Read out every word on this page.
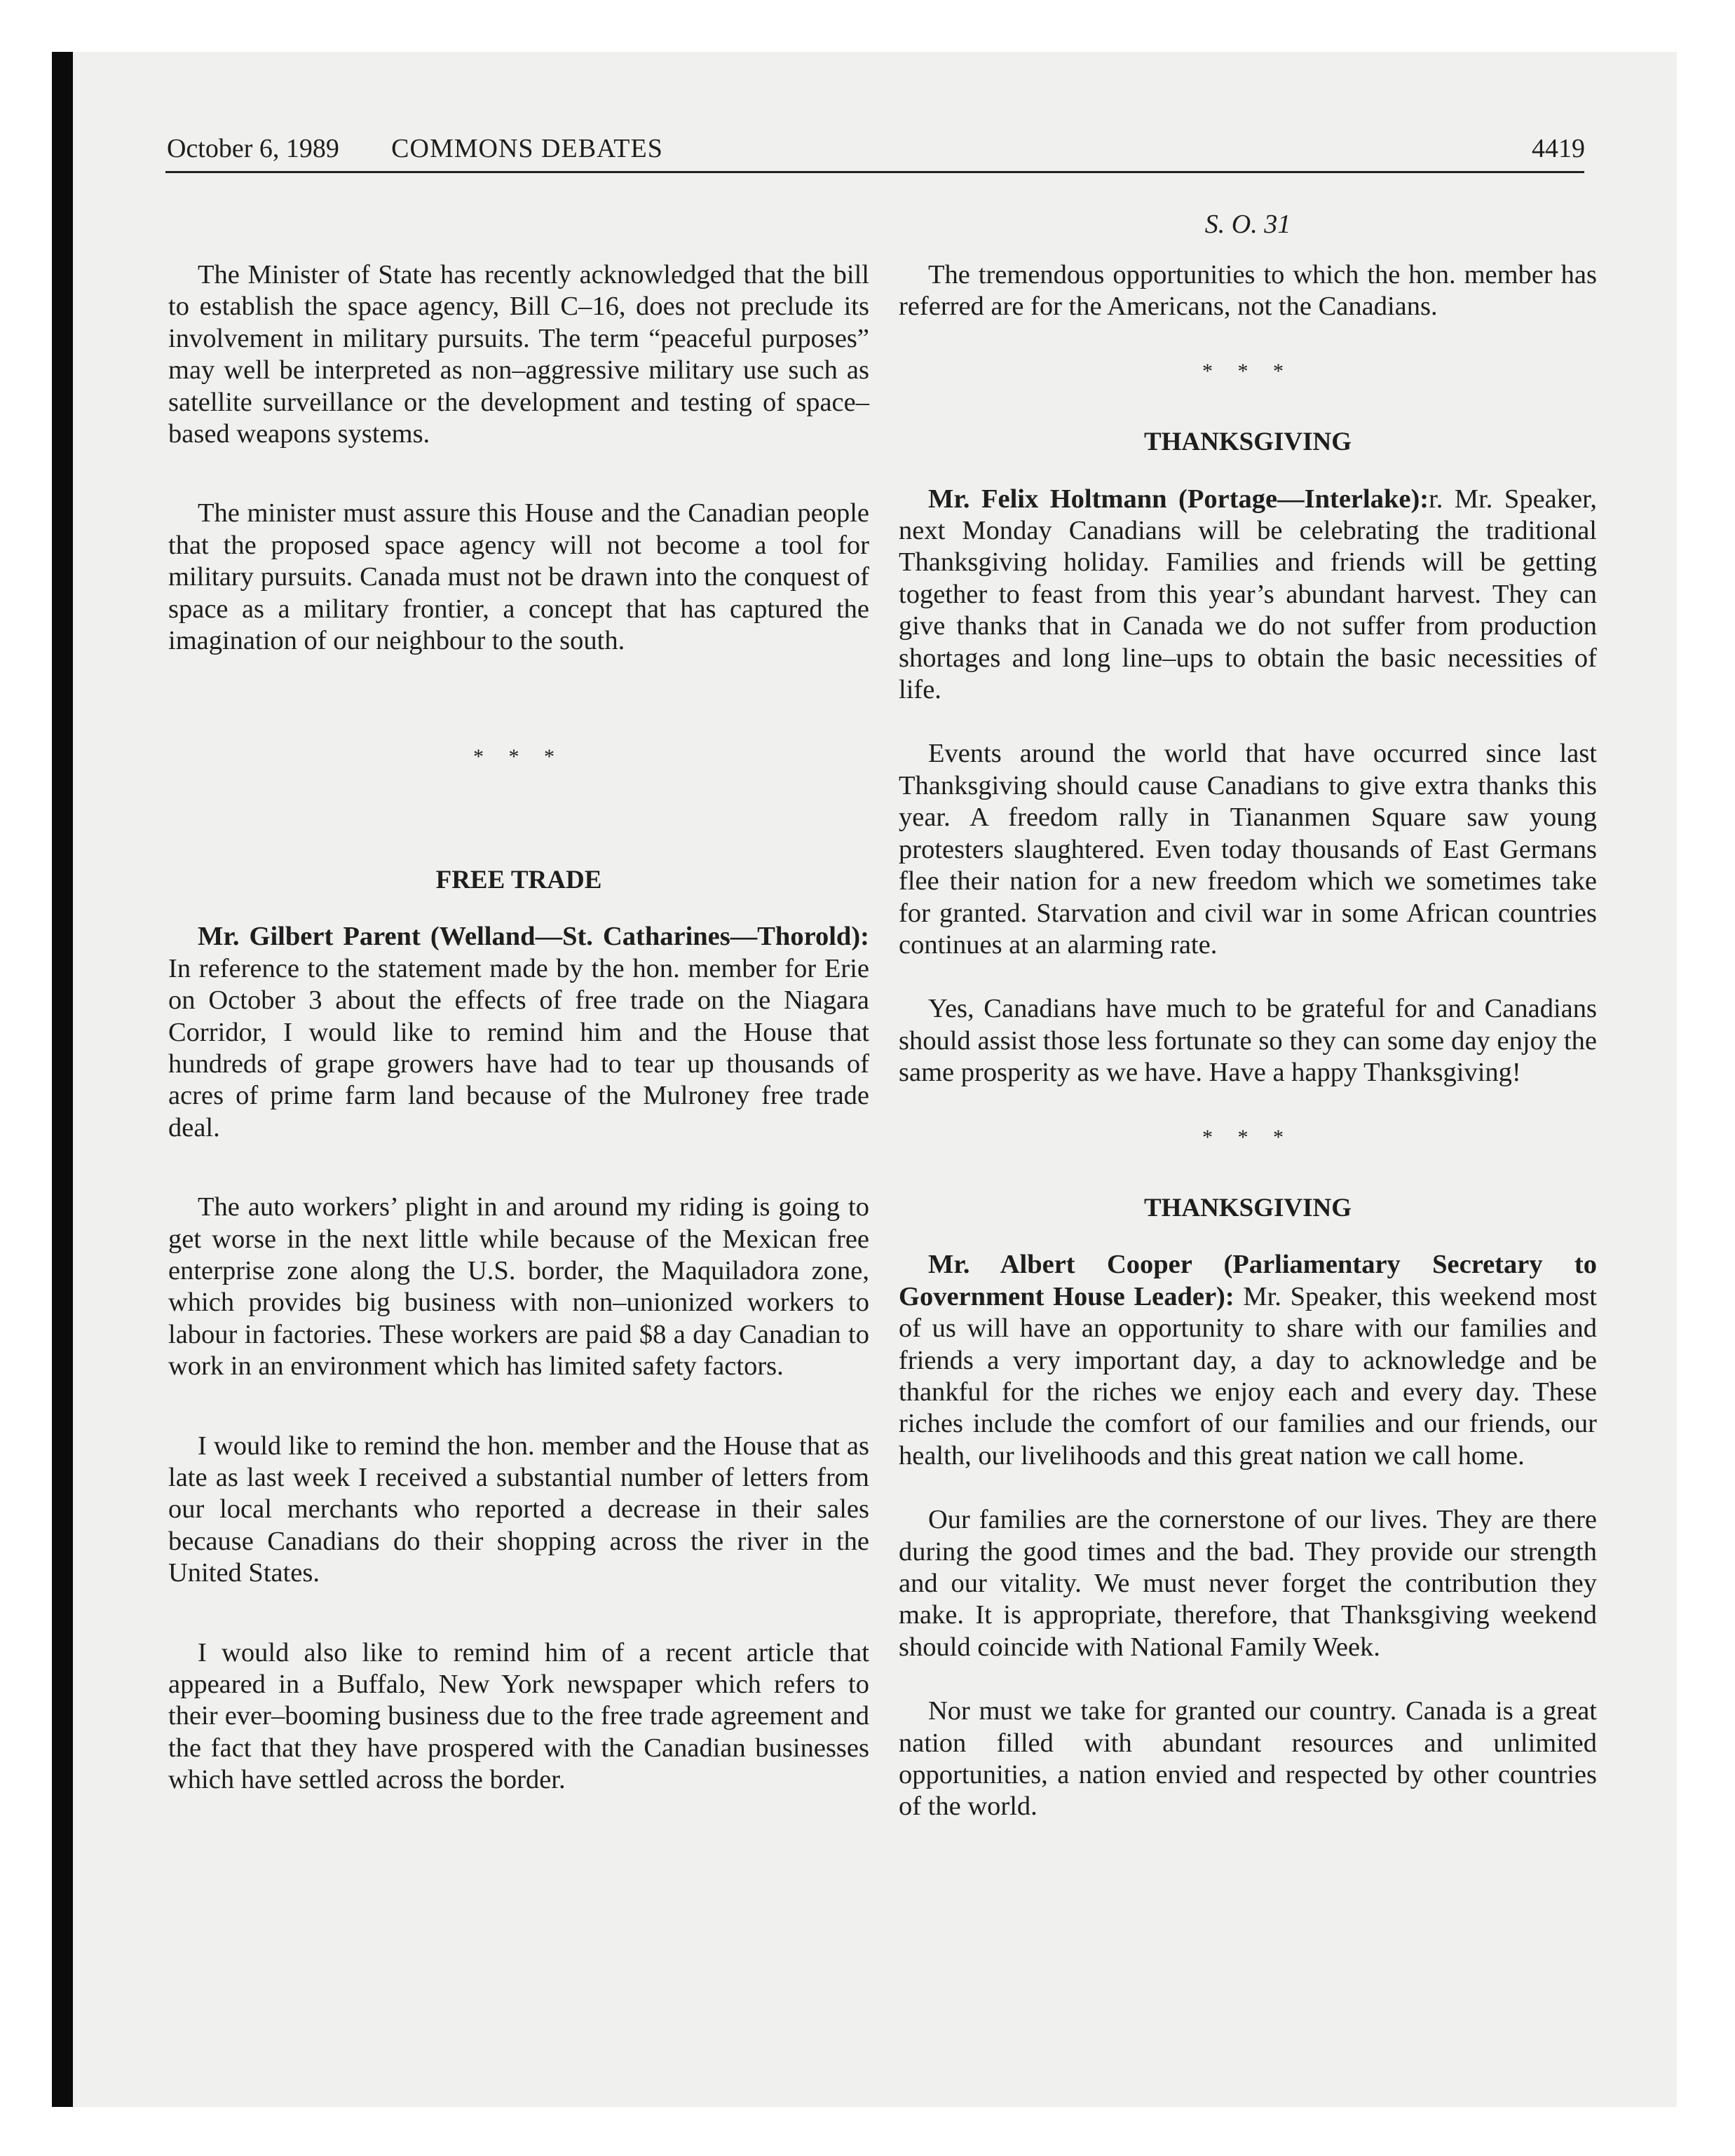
October 6, 1989	COMMONS DEBATES	4419
S. O. 31

The Minister of State has recently acknowledged that the bill to establish the space agency, Bill C–16, does not preclude its involvement in military pursuits. The term “peaceful purposes” may well be interpreted as non–aggressive military use such as satellite surveillance or the development and testing of space–based weapons systems.

The minister must assure this House and the Canadian people that the proposed space agency will not become a tool for military pursuits. Canada must not be drawn into the conquest of space as a military frontier, a concept that has captured the imagination of our neighbour to the south.

* * *
FREE TRADE

Mr. Gilbert Parent (Welland—St. Catharines—Thorold): In reference to the statement made by the hon. member for Erie on October 3 about the effects of free trade on the Niagara Corridor, I would like to remind him and the House that hundreds of grape growers have had to tear up thousands of acres of prime farm land because of the Mulroney free trade deal.

The auto workers’ plight in and around my riding is going to get worse in the next little while because of the Mexican free enterprise zone along the U.S. border, the Maquiladora zone, which provides big business with non–unionized workers to labour in factories. These workers are paid $8 a day Canadian to work in an environment which has limited safety factors.

I would like to remind the hon. member and the House that as late as last week I received a substantial number of letters from our local merchants who reported a decrease in their sales because Canadians do their shopping across the river in the United States.

I would also like to remind him of a recent article that appeared in a Buffalo, New York newspaper which refers to their ever–booming business due to the free trade agreement and the fact that they have prospered with the Canadian businesses which have settled across the border.

The tremendous opportunities to which the hon. member has referred are for the Americans, not the Canadians.

* * *
THANKSGIVING

Mr. Felix Holtmann (Portage—Interlake):r. Mr. Speaker, next Monday Canadians will be celebrating the traditional Thanksgiving holiday. Families and friends will be getting together to feast from this year’s abundant harvest. They can give thanks that in Canada we do not suffer from production shortages and long line–ups to obtain the basic necessities of life.

Events around the world that have occurred since last Thanksgiving should cause Canadians to give extra thanks this year. A freedom rally in Tiananmen Square saw young protesters slaughtered. Even today thousands of East Germans flee their nation for a new freedom which we sometimes take for granted. Starvation and civil war in some African countries continues at an alarming rate.

Yes, Canadians have much to be grateful for and Canadians should assist those less fortunate so they can some day enjoy the same prosperity as we have. Have a happy Thanksgiving!

* * *
THANKSGIVING

Mr. Albert Cooper (Parliamentary Secretary to Government House Leader): Mr. Speaker, this weekend most of us will have an opportunity to share with our families and friends a very important day, a day to acknowledge and be thankful for the riches we enjoy each and every day. These riches include the comfort of our families and our friends, our health, our livelihoods and this great nation we call home.

Our families are the cornerstone of our lives. They are there during the good times and the bad. They provide our strength and our vitality. We must never forget the contribution they make. It is appropriate, therefore, that Thanksgiving weekend should coincide with National Family Week.

Nor must we take for granted our country. Canada is a great nation filled with abundant resources and unlimited opportunities, a nation envied and respected by other countries of the world.
